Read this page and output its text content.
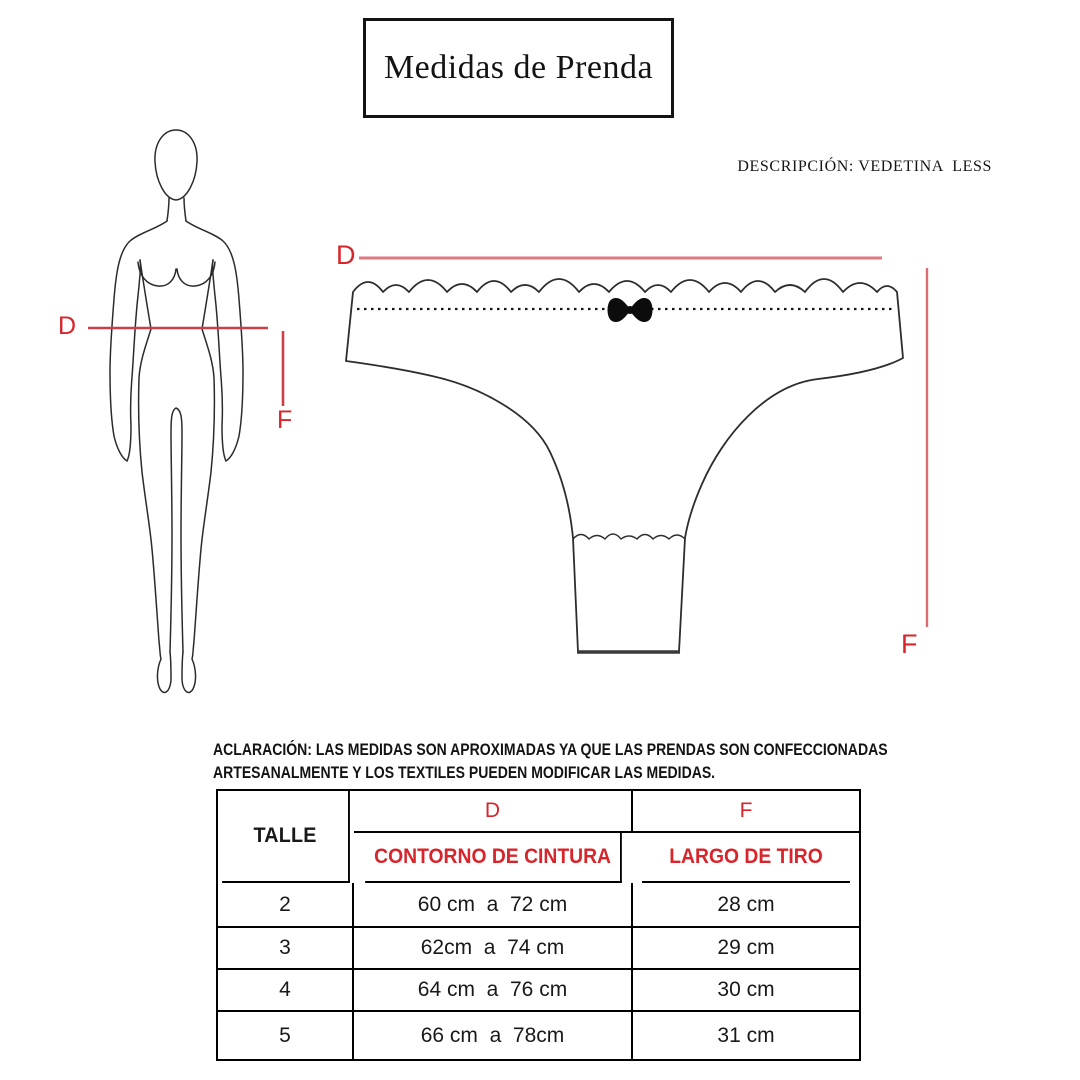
Medidas de Prenda
DESCRIPCIÓN: VEDETINA  LESS
D
F
D
F
ACLARACIÓN: LAS MEDIDAS SON APROXIMADAS YA QUE LAS PRENDAS SON CONFECCIONADAS
ARTESANALMENTE Y LOS TEXTILES PUEDEN MODIFICAR LAS MEDIDAS.
TALLE
D	F
CONTORNO DE CINTURA	LARGO DE TIRO
2	60 cm  a  72 cm	28 cm
3	62cm  a  74 cm	29 cm
4	64 cm  a  76 cm	30 cm
5	66 cm  a  78cm	31 cm
